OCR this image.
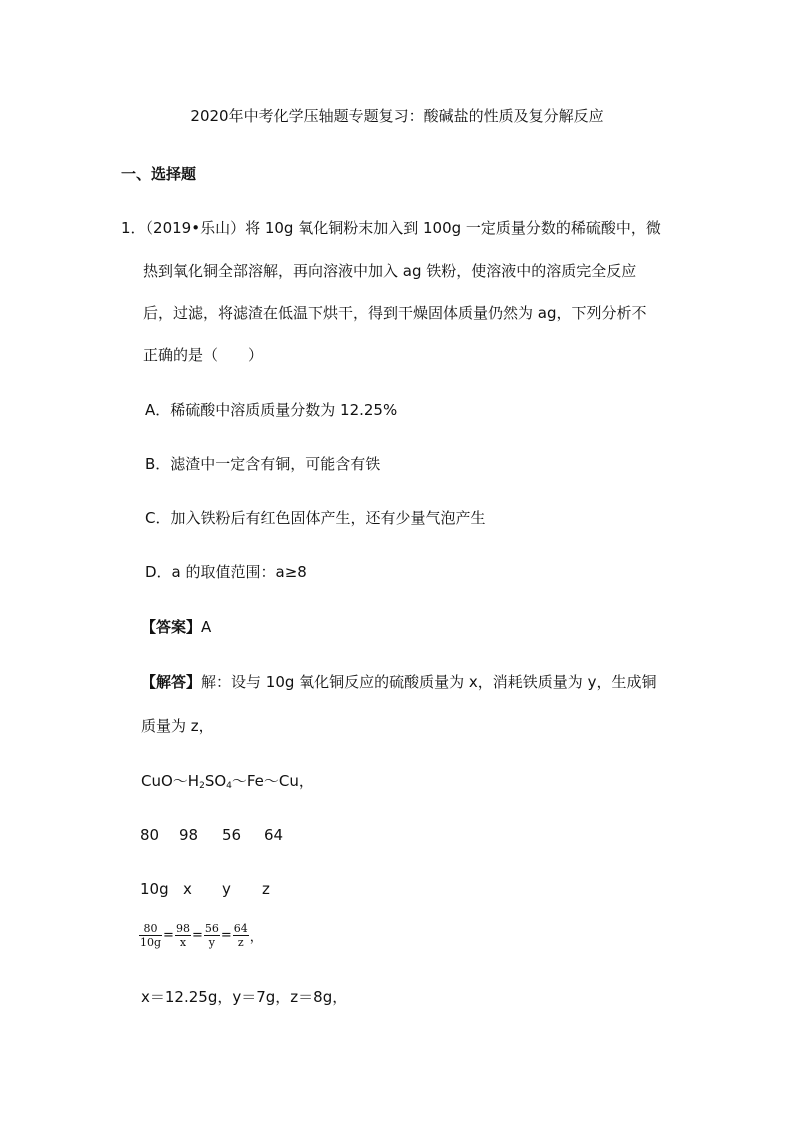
2020年中考化学压轴题专题复习：酸碱盐的性质及复分解反应
一、选择题
1．（2019•乐山）将 10g 氧化铜粉末加入到 100g 一定质量分数的稀硫酸中，微
热到氧化铜全部溶解，再向溶液中加入 ag 铁粉，使溶液中的溶质完全反应
后，过滤，将滤渣在低温下烘干，得到干燥固体质量仍然为 ag，下列分析不
正确的是（　　）
A．稀硫酸中溶质质量分数为 12.25%
B．滤渣中一定含有铜，可能含有铁
C．加入铁粉后有红色固体产生，还有少量气泡产生
D．a 的取值范围：a≥8
【答案】A
【解答】解：设与 10g 氧化铜反应的硫酸质量为 x，消耗铁质量为 y，生成铜
质量为 z，
$CuO\sim H_2SO_4\sim Fe\sim Cu$，
80 98 56 64
10g x y z
$\frac{80}{10g} = \frac{98}{x} = \frac{56}{y} = \frac{64}{z}$ ，
x＝12.25g，y＝7g，z＝8g，
